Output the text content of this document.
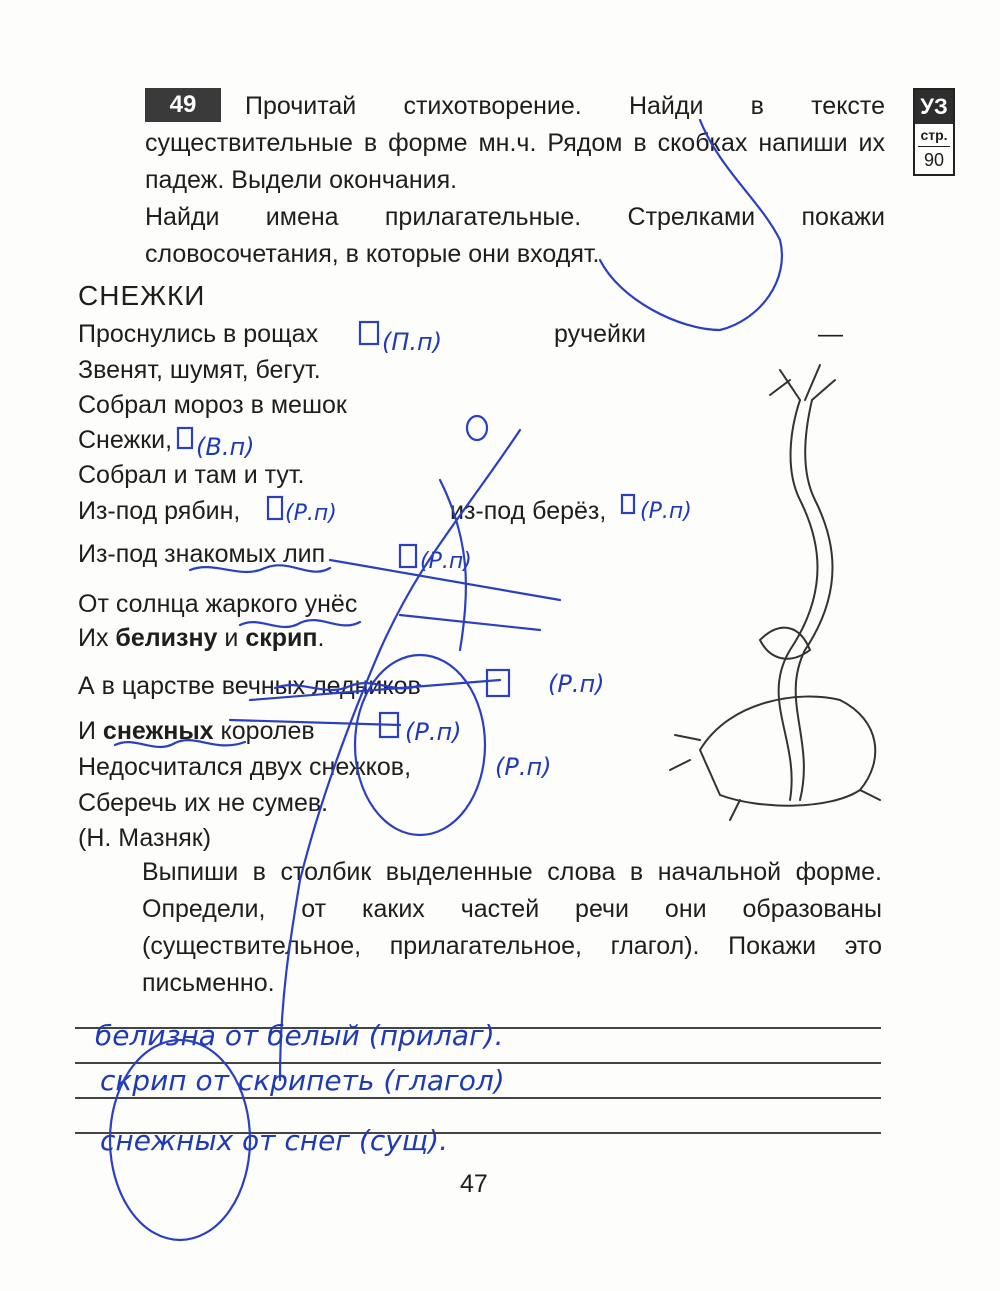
49	Прочитай стихотворение. Найди в тексте существительные в форме мн.ч. Рядом в скобках напиши их падеж. Выдели окончания.

Найди имена прилагательные. Стрелками покажи словосочетания, в которые они входят.

УЗ
стр.
90
СНЕЖКИ
Проснулись в рощах	ручейки	—
Звенят, шумят, бегут.
Собрал мороз в мешок
Снежки,
Собрал и там и тут.
Из-под рябин,	из-под берёз,
Из-под знакомых лип
От солнца жаркого унёс
Их белизну и скрип.
А в царстве вечных ледников
И снежных королев
Недосчитался двух снежков,
Сберечь их не сумев.
(Н. Мазняк)

Выпиши в столбик выделенные слова в начальной форме. Определи, от каких частей речи они образованы (существительное, прилагательное, глагол). Покажи это письменно.

47
(П.п)
(В.п)
(Р.п)	(Р.п)
(Р.п)
(Р.п)
(Р.п)
(Р.п)
белизна от белый (прилаг).
скрип от скрипеть (глагол)
снежных от снег (сущ).
